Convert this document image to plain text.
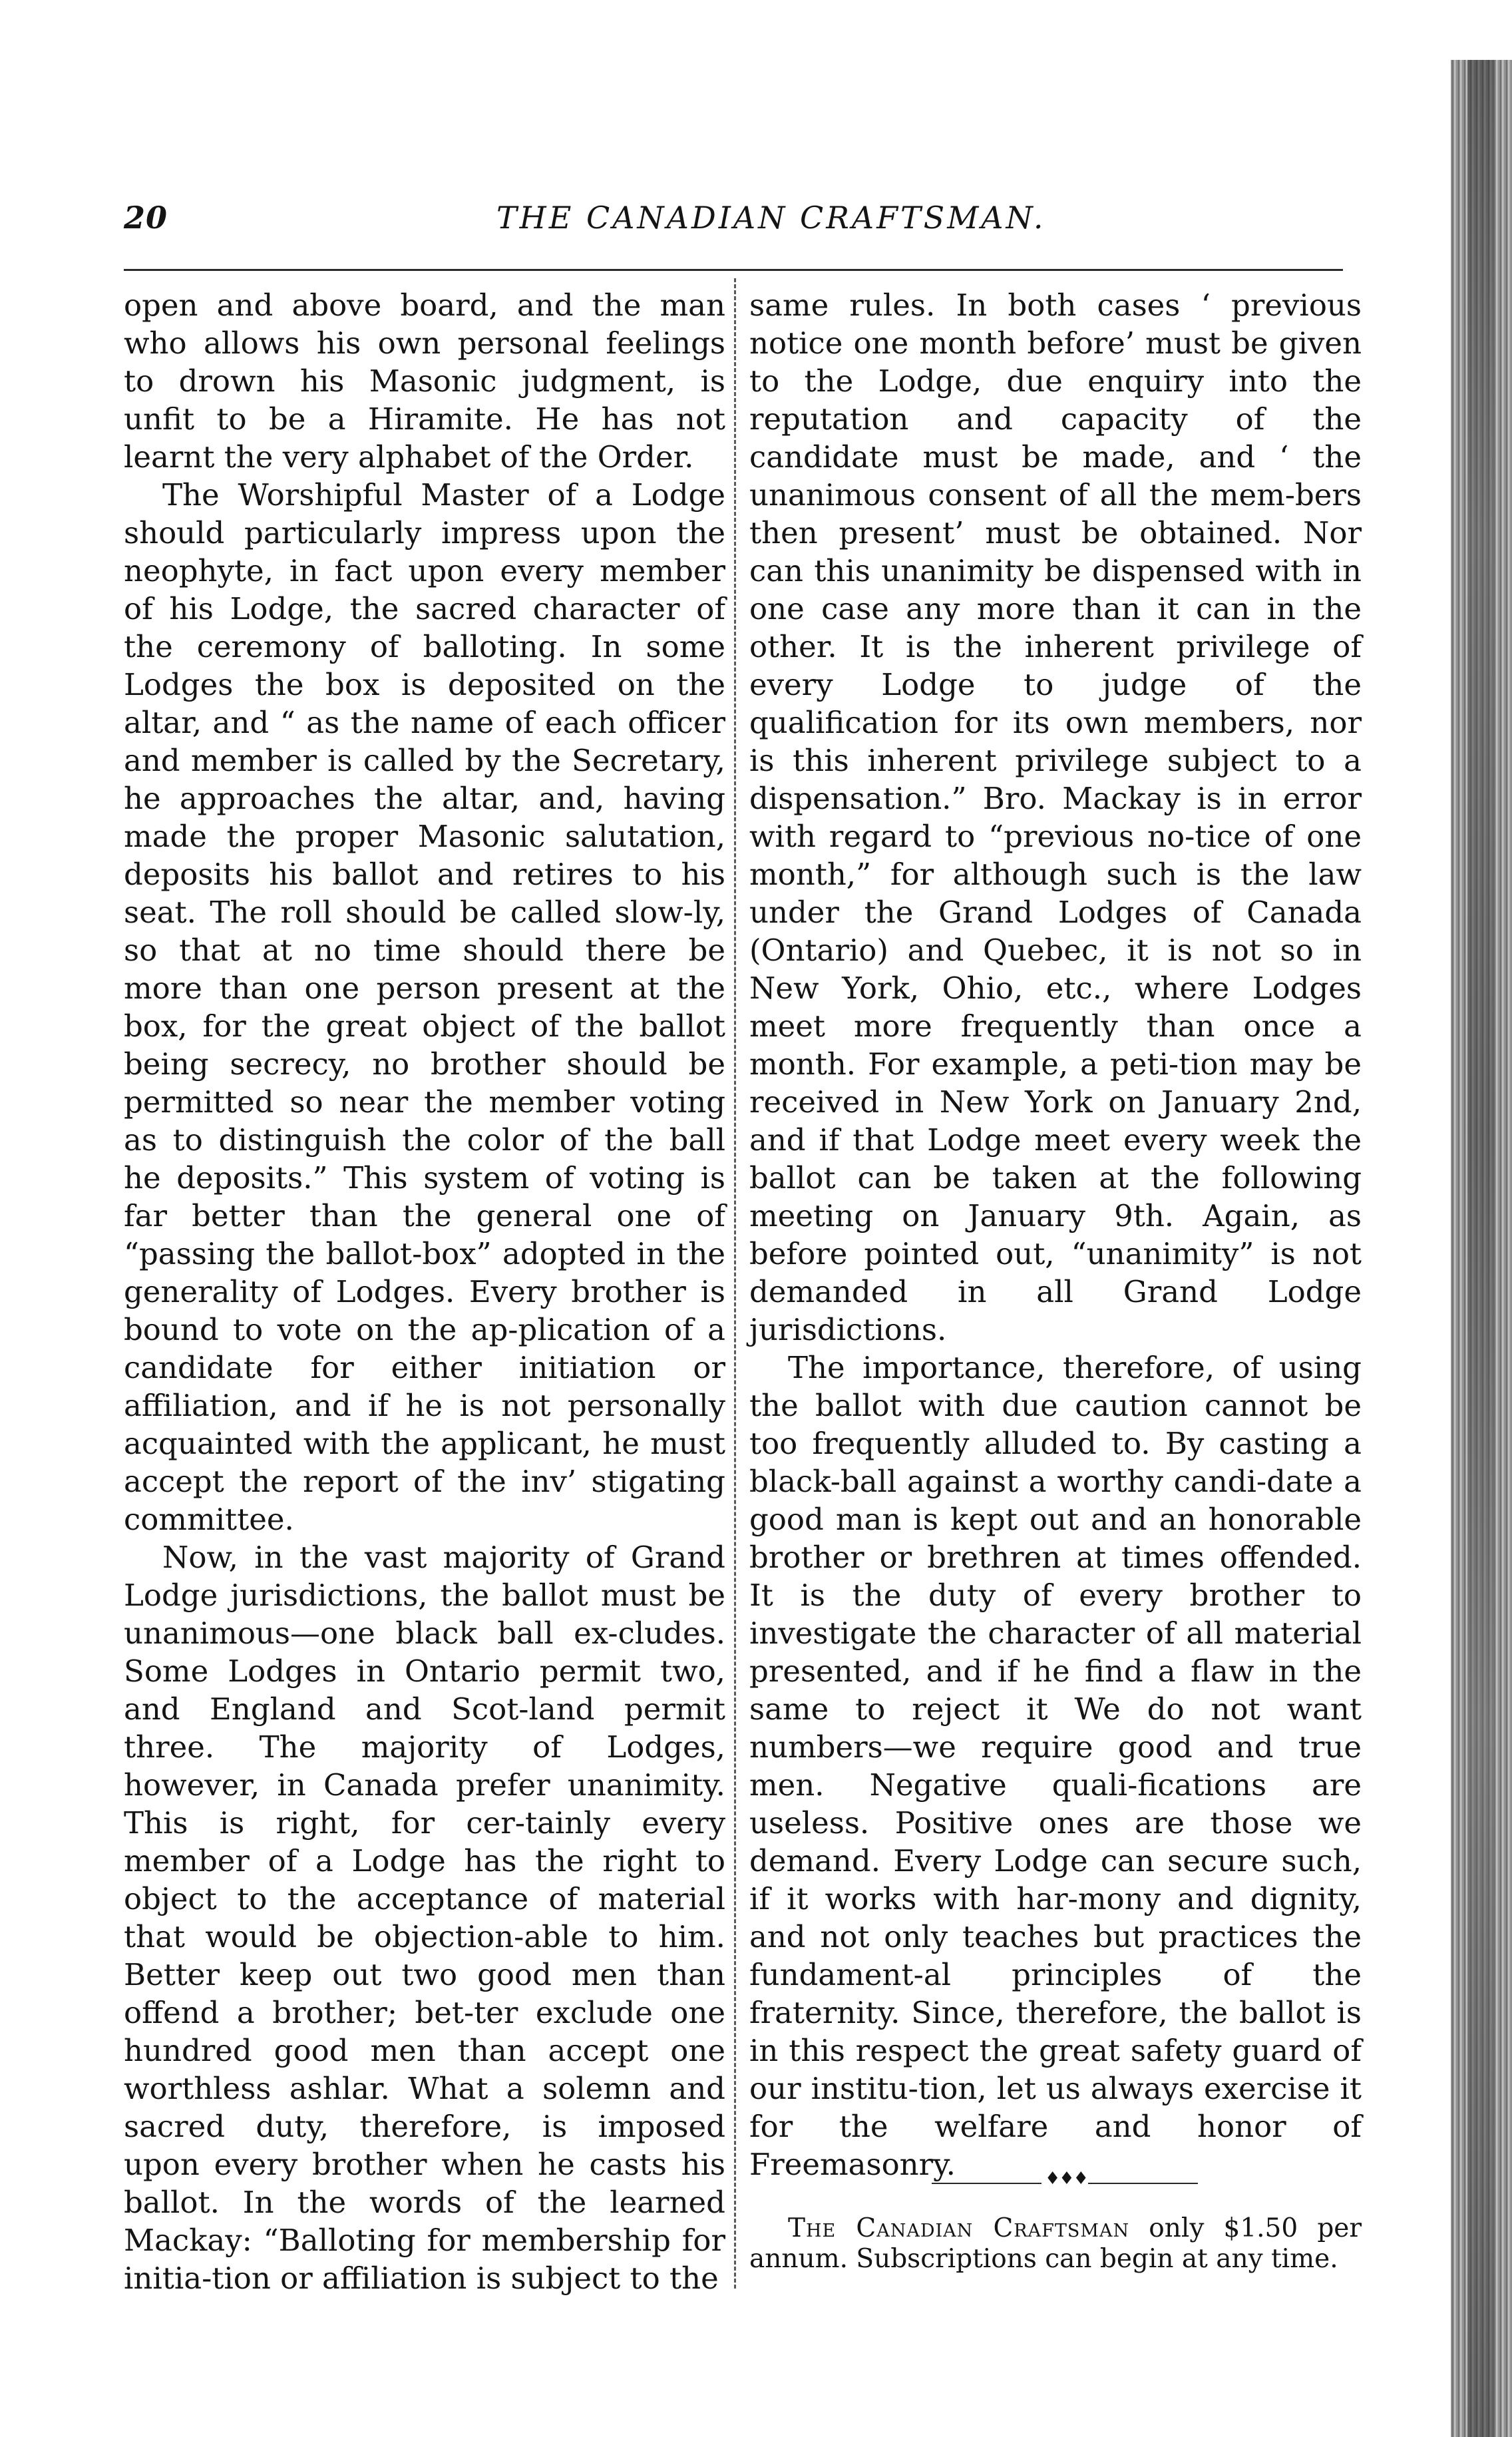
20	THE CANADIAN CRAFTSMAN.

open and above board, and the man who allows his own personal feelings to drown his Masonic judgment, is unfit to be a Hiramite. He has not learnt the very alphabet of the Order.

The Worshipful Master of a Lodge should particularly impress upon the neophyte, in fact upon every member of his Lodge, the sacred character of the ceremony of balloting. In some Lodges the box is deposited on the altar, and “ as the name of each officer and member is called by the Secretary, he approaches the altar, and, having made the proper Masonic salutation, deposits his ballot and retires to his seat. The roll should be called slow-ly, so that at no time should there be more than one person present at the box, for the great object of the ballot being secrecy, no brother should be permitted so near the member voting as to distinguish the color of the ball he deposits.” This system of voting is far better than the general one of “passing the ballot-box” adopted in the generality of Lodges. Every brother is bound to vote on the ap-plication of a candidate for either initiation or affiliation, and if he is not personally acquainted with the applicant, he must accept the report of the inv’ stigating committee.

Now, in the vast majority of Grand Lodge jurisdictions, the ballot must be unanimous—one black ball ex-cludes. Some Lodges in Ontario permit two, and England and Scot-land permit three. The majority of Lodges, however, in Canada prefer unanimity. This is right, for cer-tainly every member of a Lodge has the right to object to the acceptance of material that would be objection-able to him. Better keep out two good men than offend a brother; bet-ter exclude one hundred good men than accept one worthless ashlar. What a solemn and sacred duty, therefore, is imposed upon every brother when he casts his ballot. In the words of the learned Mackay: “Balloting for membership for initia-tion or affiliation is subject to the

same rules. In both cases ‘ previous notice one month before’ must be given to the Lodge, due enquiry into the reputation and capacity of the candidate must be made, and ‘ the unanimous consent of all the mem-bers then present’ must be obtained. Nor can this unanimity be dispensed with in one case any more than it can in the other. It is the inherent privilege of every Lodge to judge of the qualification for its own members, nor is this inherent privilege subject to a dispensation.” Bro. Mackay is in error with regard to “previous no-tice of one month,” for although such is the law under the Grand Lodges of Canada (Ontario) and Quebec, it is not so in New York, Ohio, etc., where Lodges meet more frequently than once a month. For example, a peti-tion may be received in New York on January 2nd, and if that Lodge meet every week the ballot can be taken at the following meeting on January 9th. Again, as before pointed out, “unanimity” is not demanded in all Grand Lodge jurisdictions.

The importance, therefore, of using the ballot with due caution cannot be too frequently alluded to. By casting a black-ball against a worthy candi-date a good man is kept out and an honorable brother or brethren at times offended. It is the duty of every brother to investigate the character of all material presented, and if he find a flaw in the same to reject it We do not want numbers—we require good and true men. Negative quali-fications are useless. Positive ones are those we demand. Every Lodge can secure such, if it works with har-mony and dignity, and not only teaches but practices the fundament-al principles of the fraternity. Since, therefore, the ballot is in this respect the great safety guard of our institu-tion, let us always exercise it for the welfare and honor of Freemasonry.	♦♦♦
The Canadian Craftsman only $1.50 per annum. Subscriptions can begin at any time.
